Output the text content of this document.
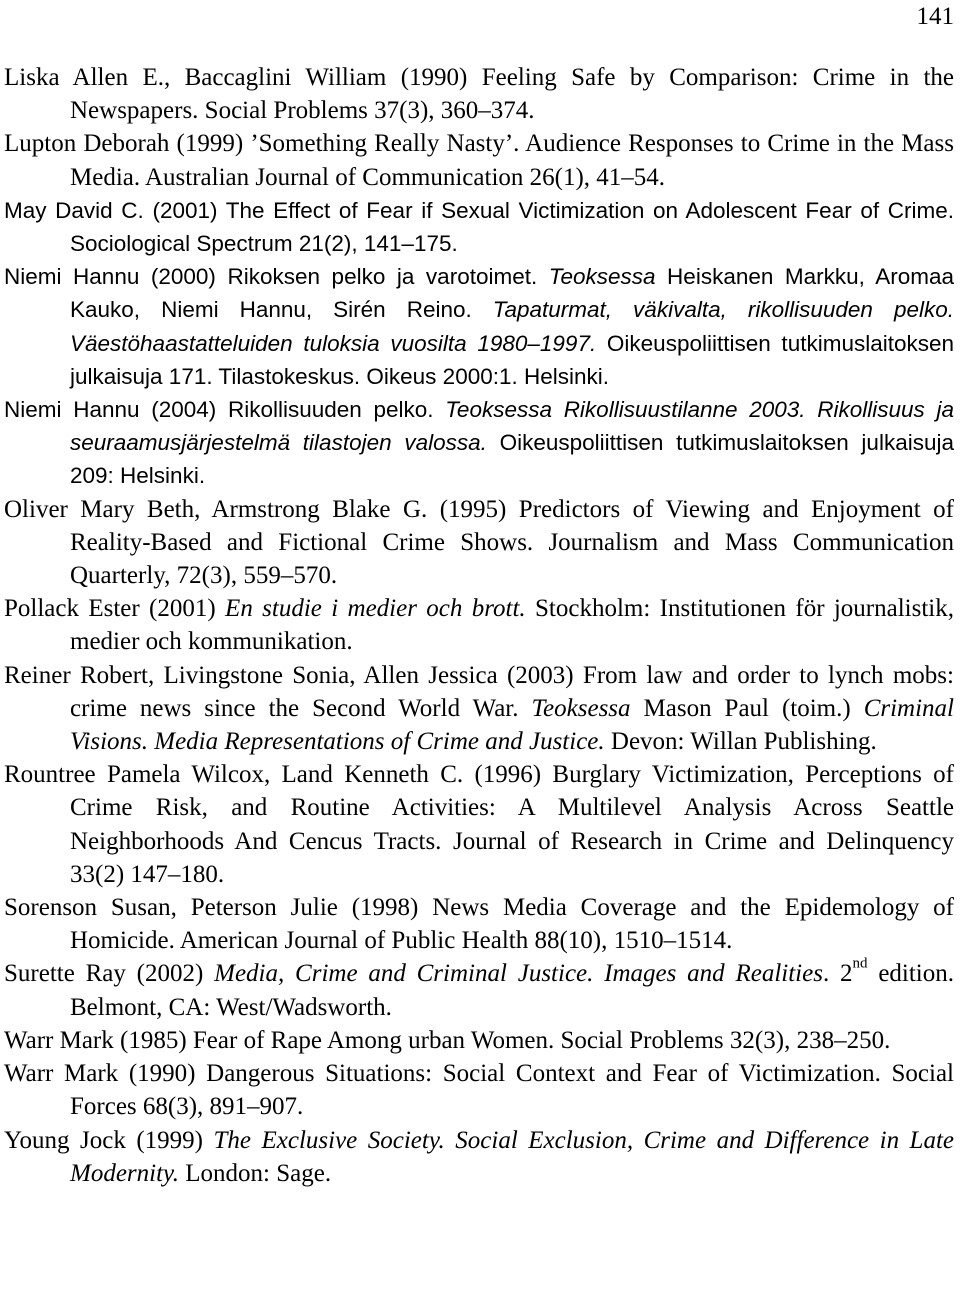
141

Liska Allen E., Baccaglini William (1990) Feeling Safe by Comparison: Crime in the Newspapers. Social Problems 37(3), 360–374.

Lupton Deborah (1999) ’Something Really Nasty’. Audience Responses to Crime in the Mass Media. Australian Journal of Communication 26(1), 41–54.

May David C. (2001) The Effect of Fear if Sexual Victimization on Adolescent Fear of Crime. Sociological Spectrum 21(2), 141–175.

Niemi Hannu (2000) Rikoksen pelko ja varotoimet. Teoksessa Heiskanen Markku, Aromaa Kauko, Niemi Hannu, Sirén Reino. Tapaturmat, väkivalta, rikollisuuden pelko. Väestöhaastatteluiden tuloksia vuosilta 1980–1997. Oikeuspoliittisen tutkimuslaitoksen julkaisuja 171. Tilastokeskus. Oikeus 2000:1. Helsinki.

Niemi Hannu (2004) Rikollisuuden pelko. Teoksessa Rikollisuustilanne 2003. Rikollisuus ja seuraamusjärjestelmä tilastojen valossa. Oikeuspoliittisen tutkimuslaitoksen julkaisuja 209: Helsinki.

Oliver Mary Beth, Armstrong Blake G. (1995) Predictors of Viewing and Enjoyment of Reality-Based and Fictional Crime Shows. Journalism and Mass Communication Quarterly, 72(3), 559–570.

Pollack Ester (2001) En studie i medier och brott. Stockholm: Institutionen för journalistik, medier och kommunikation.

Reiner Robert, Livingstone Sonia, Allen Jessica (2003) From law and order to lynch mobs: crime news since the Second World War. Teoksessa Mason Paul (toim.) Criminal Visions. Media Representations of Crime and Justice. Devon: Willan Publishing.

Rountree Pamela Wilcox, Land Kenneth C. (1996) Burglary Victimization, Perceptions of Crime Risk, and Routine Activities: A Multilevel Analysis Across Seattle Neighborhoods And Cencus Tracts. Journal of Research in Crime and Delinquency 33(2) 147–180.

Sorenson Susan, Peterson Julie (1998) News Media Coverage and the Epidemology of Homicide. American Journal of Public Health 88(10), 1510–1514.

Surette Ray (2002) Media, Crime and Criminal Justice. Images and Realities. 2nd edition. Belmont, CA: West/Wadsworth.

Warr Mark (1985) Fear of Rape Among urban Women. Social Problems 32(3), 238–250.

Warr Mark (1990) Dangerous Situations: Social Context and Fear of Victimization. Social Forces 68(3), 891–907.

Young Jock (1999) The Exclusive Society. Social Exclusion, Crime and Difference in Late Modernity. London: Sage.
